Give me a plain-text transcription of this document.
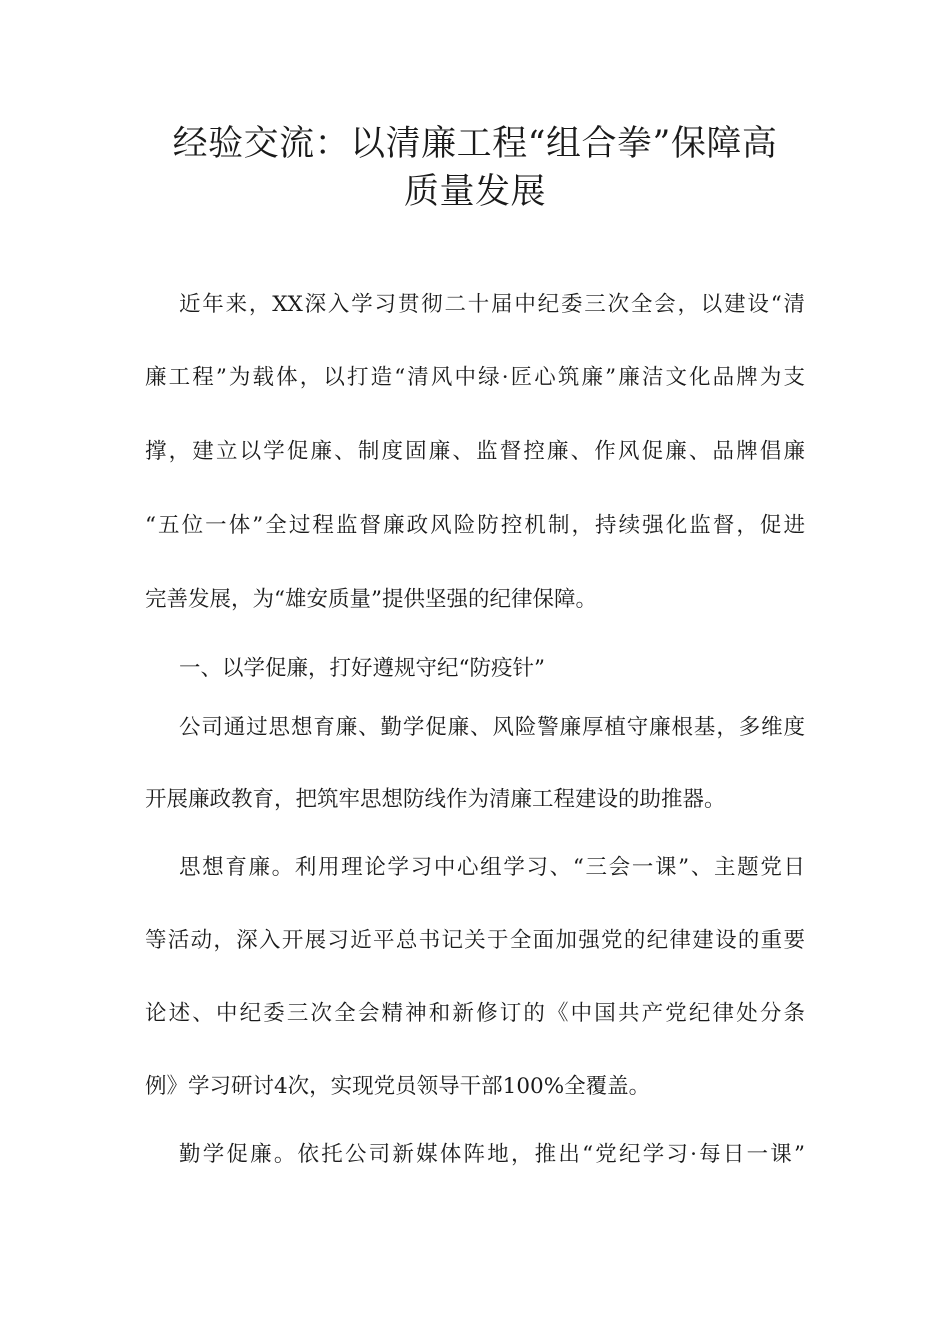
经验交流：以清廉工程“组合拳”保障高
质量发展
近年来，XX深入学习贯彻二十届中纪委三次全会，以建设“清
廉工程”为载体，以打造“清风中绿·匠心筑廉”廉洁文化品牌为支
撑，建立以学促廉、制度固廉、监督控廉、作风促廉、品牌倡廉
“五位一体”全过程监督廉政风险防控机制，持续强化监督，促进
完善发展，为“雄安质量”提供坚强的纪律保障。
一、以学促廉，打好遵规守纪“防疫针”
公司通过思想育廉、勤学促廉、风险警廉厚植守廉根基，多维度
开展廉政教育，把筑牢思想防线作为清廉工程建设的助推器。
思想育廉。利用理论学习中心组学习、“三会一课”、主题党日
等活动，深入开展习近平总书记关于全面加强党的纪律建设的重要
论述、中纪委三次全会精神和新修订的《中国共产党纪律处分条
例》学习研讨4次，实现党员领导干部100%全覆盖。
勤学促廉。依托公司新媒体阵地，推出“党纪学习·每日一课”
